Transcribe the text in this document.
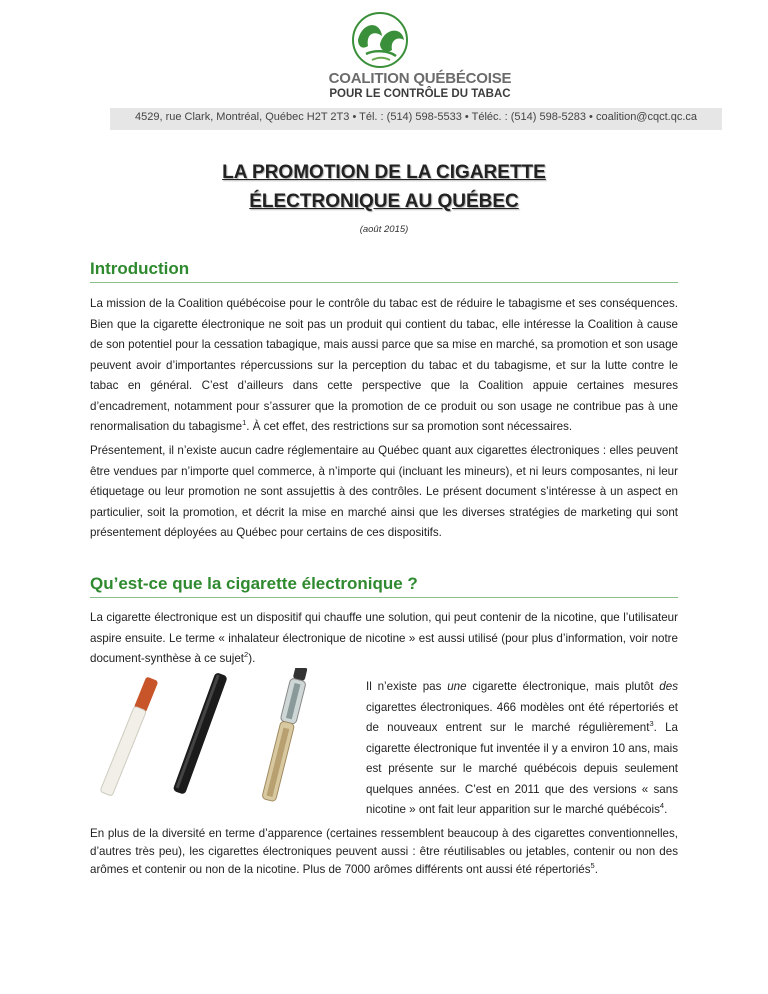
COALITION QUÉBÉCOISE
POUR LE CONTRÔLE DU TABAC
4529, rue Clark, Montréal, Québec H2T 2T3 • Tél. : (514) 598-5533 • Téléc. : (514) 598-5283 • coalition@cqct.qc.ca
LA PROMOTION DE LA CIGARETTE
ÉLECTRONIQUE AU QUÉBEC
(août 2015)
Introduction
La mission de la Coalition québécoise pour le contrôle du tabac est de réduire le tabagisme et ses conséquences. Bien que la cigarette électronique ne soit pas un produit qui contient du tabac, elle intéresse la Coalition à cause de son potentiel pour la cessation tabagique, mais aussi parce que sa mise en marché, sa promotion et son usage peuvent avoir d’importantes répercussions sur la perception du tabac et du tabagisme, et sur la lutte contre le tabac en général. C’est d’ailleurs dans cette perspective que la Coalition appuie certaines mesures d’encadrement, notamment pour s’assurer que la promotion de ce produit ou son usage ne contribue pas à une renormalisation du tabagisme$^1$. À cet effet, des restrictions sur sa promotion sont nécessaires.
Présentement, il n’existe aucun cadre réglementaire au Québec quant aux cigarettes électroniques : elles peuvent être vendues par n’importe quel commerce, à n’importe qui (incluant les mineurs), et ni leurs composantes, ni leur étiquetage ou leur promotion ne sont assujettis à des contrôles. Le présent document s’intéresse à un aspect en particulier, soit la promotion, et décrit la mise en marché ainsi que les diverses stratégies de marketing qui sont présentement déployées au Québec pour certains de ces dispositifs.
Qu’est-ce que la cigarette électronique ?
La cigarette électronique est un dispositif qui chauffe une solution, qui peut contenir de la nicotine, que l’utilisateur aspire ensuite. Le terme « inhalateur électronique de nicotine » est aussi utilisé (pour plus d’information, voir notre document-synthèse à ce sujet$^2$).
Il n’existe pas une cigarette électronique, mais plutôt des cigarettes électroniques. 466 modèles ont été répertoriés et de nouveaux entrent sur le marché régulièrement$^3$. La cigarette électronique fut inventée il y a environ 10 ans, mais est présente sur le marché québécois depuis seulement quelques années. C’est en 2011 que des versions « sans nicotine » ont fait leur apparition sur le marché québécois$^4$.
En plus de la diversité en terme d’apparence (certaines ressemblent beaucoup à des cigarettes conventionnelles, d’autres très peu), les cigarettes électroniques peuvent aussi : être réutilisables ou jetables, contenir ou non des arômes et contenir ou non de la nicotine. Plus de 7000 arômes différents ont aussi été répertoriés$^5$.
